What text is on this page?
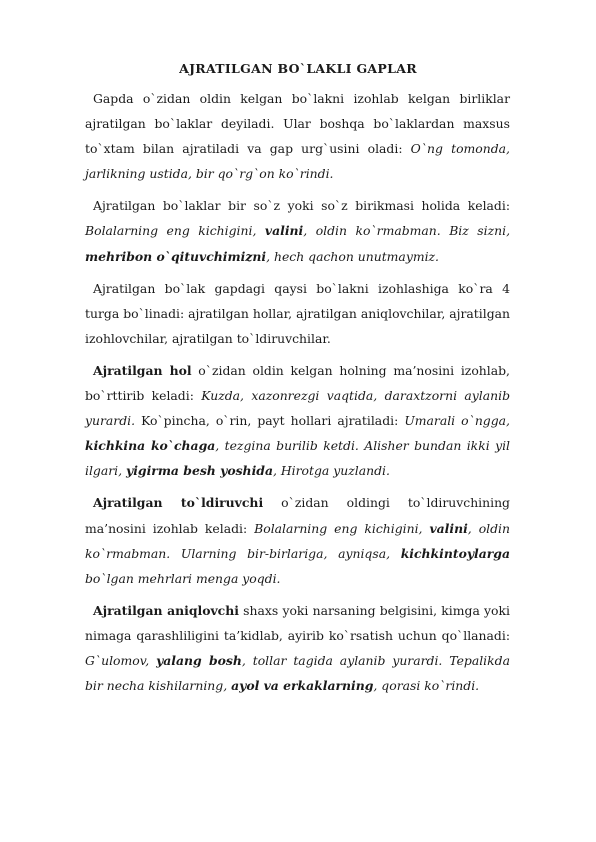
AJRATILGAN BO`LAKLI GAPLAR

Gapda o`zidan oldin kelgan bo`lakni izohlab kelgan birliklar ajratilgan bo`laklar deyiladi. Ular boshqa bo`laklardan maxsus to`xtam bilan ajratiladi va gap urg`usini oladi: O`ng tomonda, jarlikning ustida, bir qo`rg`on ko`rindi.

Ajratilgan bo`laklar bir so`z yoki so`z birikmasi holida keladi: Bolalarning eng kichigini, valini, oldin ko`rmabman. Biz sizni, mehribon o`qituvchimizni, hech qachon unutmaymiz.

Ajratilgan bo`lak gapdagi qaysi bo`lakni izohlashiga ko`ra 4 turga bo`linadi: ajratilgan hollar, ajratilgan aniqlovchilar, ajratilgan izohlovchilar, ajratilgan to`ldiruvchilar.

Ajratilgan hol o`zidan oldin kelgan holning ma’nosini izohlab, bo`rttirib keladi: Kuzda, xazonrezgi vaqtida, daraxtzorni aylanib yurardi. Ko`pincha, o`rin, payt hollari ajratiladi: Umarali o`ngga, kichkina ko`chaga, tezgina burilib ketdi. Alisher bundan ikki yil ilgari, yigirma besh yoshida, Hirotga yuzlandi.

Ajratilgan to`ldiruvchi o`zidan oldingi to`ldiruvchining ma’nosini izohlab keladi: Bolalarning eng kichigini, valini, oldin ko`rmabman. Ularning bir-birlariga, ayniqsa, kichkintoylarga bo`lgan mehrlari menga yoqdi.

Ajratilgan aniqlovchi shaxs yoki narsaning belgisini, kimga yoki nimaga qarashliligini ta’kidlab, ayirib ko`rsatish uchun qo`llanadi: G`ulomov, yalang bosh, tollar tagida aylanib yurardi. Tepalikda bir necha kishilarning, ayol va erkaklarning, qorasi ko`rindi.
